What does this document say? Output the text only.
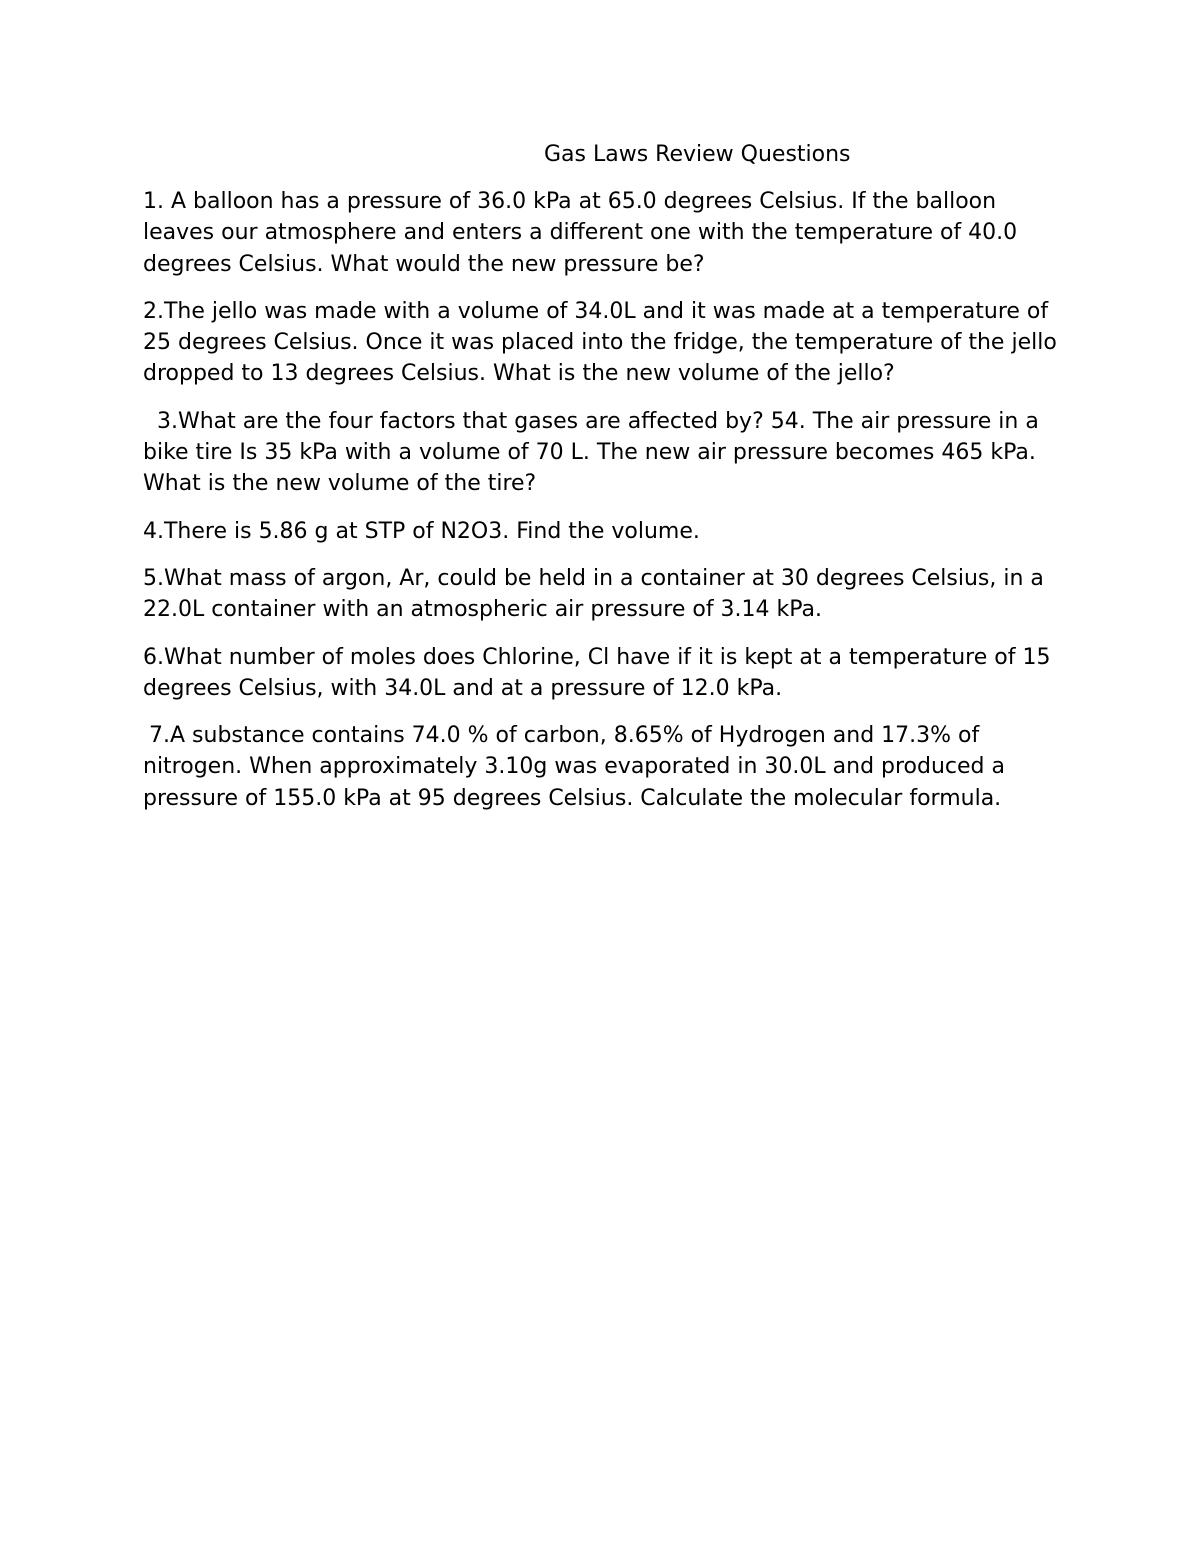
Gas Laws Review Questions

1. A balloon has a pressure of 36.0 kPa at 65.0 degrees Celsius. If the balloon leaves our atmosphere and enters a different one with the temperature of 40.0 degrees Celsius. What would the new pressure be?

2.The jello was made with a volume of 34.0L and it was made at a temperature of 25 degrees Celsius. Once it was placed into the fridge, the temperature of the jello dropped to 13 degrees Celsius. What is the new volume of the jello?

3.What are the four factors that gases are affected by? 54. The air pressure in a bike tire Is 35 kPa with a volume of 70 L. The new air pressure becomes 465 kPa. What is the new volume of the tire?

4.There is 5.86 g at STP of N2O3. Find the volume.

5.What mass of argon, Ar, could be held in a container at 30 degrees Celsius, in a 22.0L container with an atmospheric air pressure of 3.14 kPa.

6.What number of moles does Chlorine, Cl have if it is kept at a temperature of 15 degrees Celsius, with 34.0L and at a pressure of 12.0 kPa.

7.A substance contains 74.0 % of carbon, 8.65% of Hydrogen and 17.3% of nitrogen. When approximately 3.10g was evaporated in 30.0L and produced a pressure of 155.0 kPa at 95 degrees Celsius. Calculate the molecular formula.
